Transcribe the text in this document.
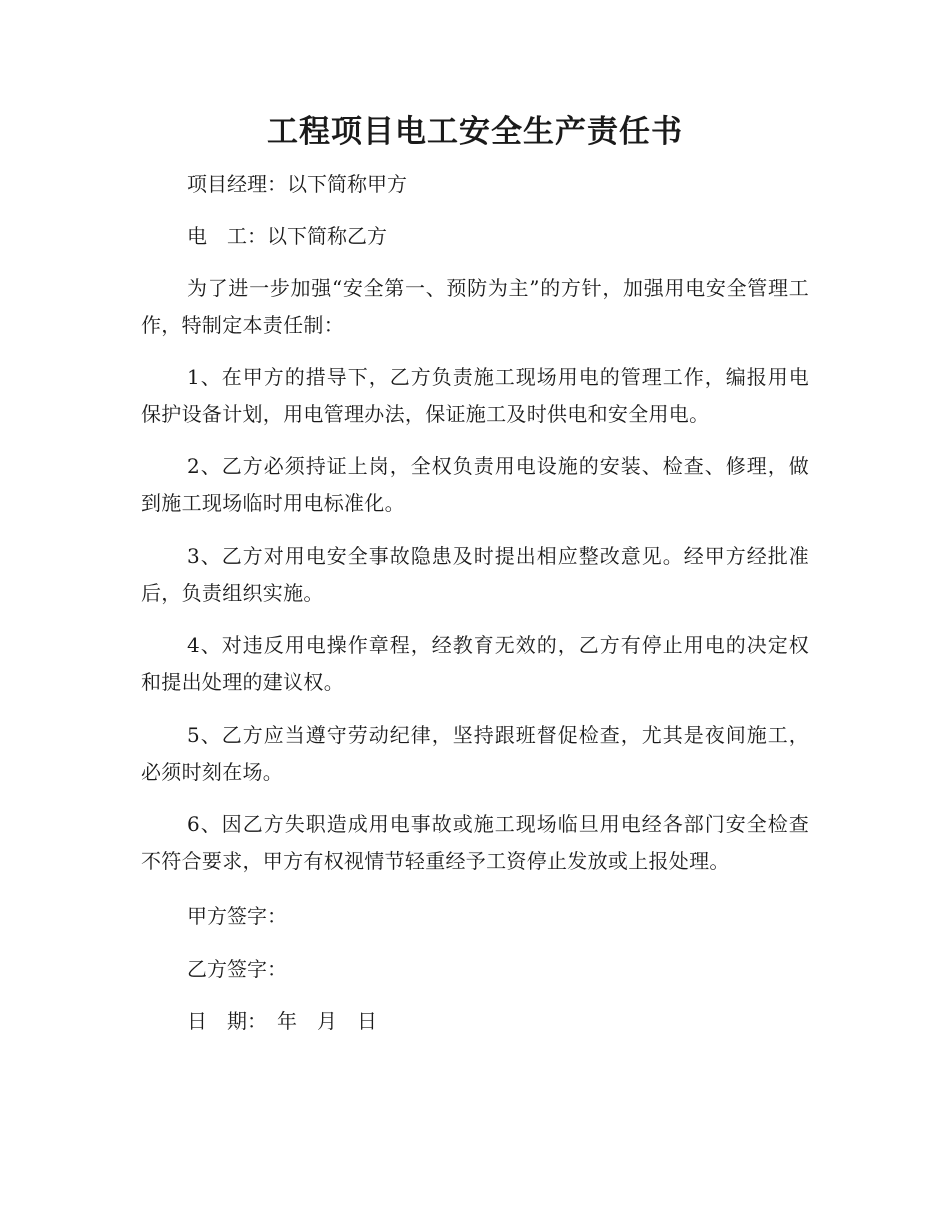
工程项目电工安全生产责任书
项目经理：以下简称甲方
电　工：以下简称乙方
为了进一步加强“安全第一、预防为主”的方针，加强用电安全管理工作，特制定本责任制：
1、在甲方的措导下，乙方负责施工现场用电的管理工作，编报用电保护设备计划，用电管理办法，保证施工及时供电和安全用电。
2、乙方必须持证上岗，全权负责用电设施的安装、检查、修理，做到施工现场临时用电标准化。
3、乙方对用电安全事故隐患及时提出相应整改意见。经甲方经批准后，负责组织实施。
4、对违反用电操作章程，经教育无效的，乙方有停止用电的决定权和提出处理的建议权。
5、乙方应当遵守劳动纪律，坚持跟班督促检查，尤其是夜间施工，必须时刻在场。
6、因乙方失职造成用电事故或施工现场临旦用电经各部门安全检查不符合要求，甲方有权视情节轻重经予工资停止发放或上报处理。
甲方签字：
乙方签字：
日　期：　年　月　日
